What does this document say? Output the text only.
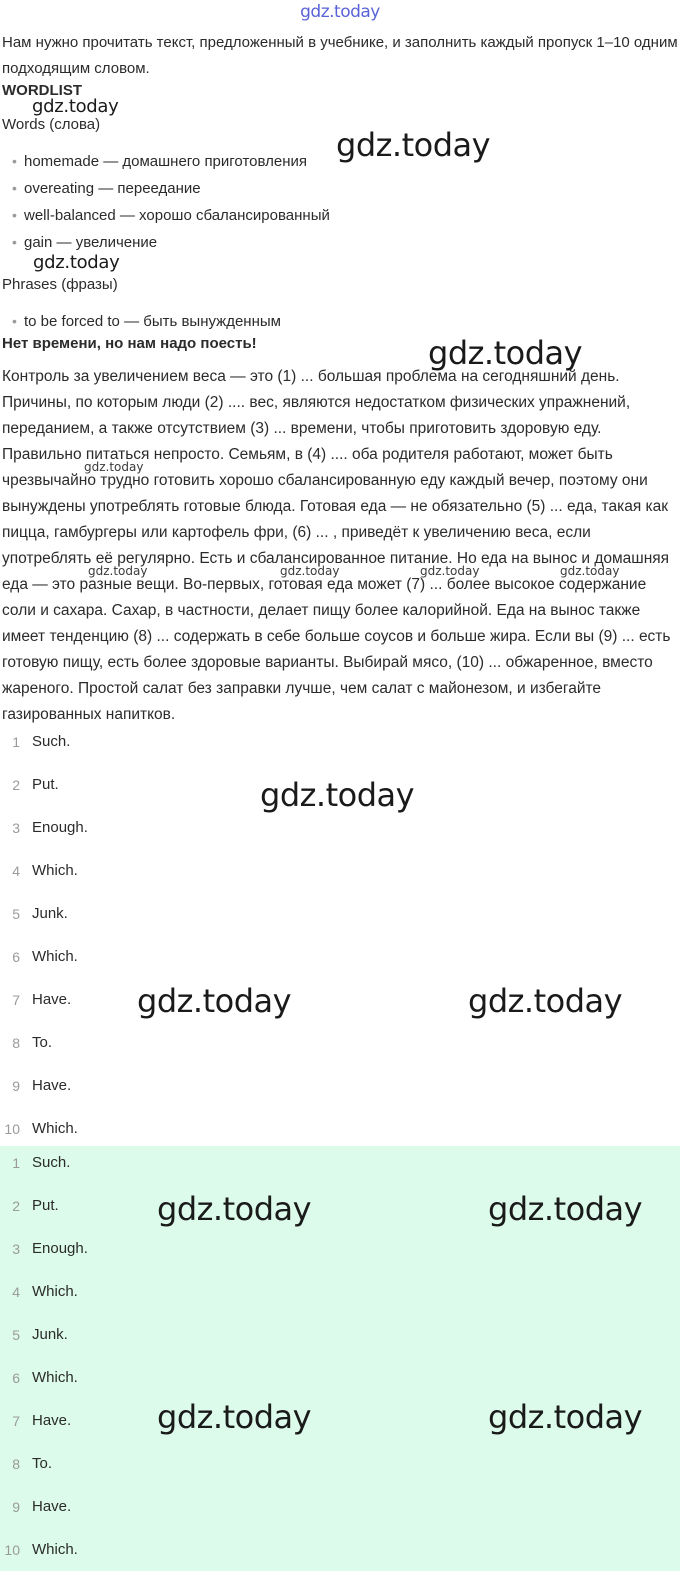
gdz.today
Нам нужно прочитать текст, предложенный в учебнике, и заполнить каждый пропуск 1–10 одним подходящим словом.
WORDLIST
Words (слова)
• homemade — домашнего приготовления
• overeating — переедание
• well-balanced — хорошо сбалансированный
• gain — увеличение
Phrases (фразы)
• to be forced to — быть вынужденным
Нет времени, но нам надо поесть!
Контроль за увеличением веса — это (1) ... большая проблема на сегодняшний день. Причины, по которым люди (2) .... вес, являются недостатком физических упражнений, переданием, а также отсутствием (3) ... времени, чтобы приготовить здоровую еду. Правильно питаться непросто. Семьям, в (4) .... оба родителя работают, может быть чрезвычайно трудно готовить хорошо сбалансированную еду каждый вечер, поэтому они вынуждены употреблять готовые блюда. Готовая еда — не обязательно (5) ... еда, такая как пицца, гамбургеры или картофель фри, (6) ... , приведёт к увеличению веса, если употреблять её регулярно. Есть и сбалансированное питание. Но еда на вынос и домашняя еда — это разные вещи. Во-первых, готовая еда может (7) ... более высокое содержание соли и сахара. Сахар, в частности, делает пищу более калорийной. Еда на вынос также имеет тенденцию (8) ... содержать в себе больше соусов и больше жира. Если вы (9) ... есть готовую пищу, есть более здоровые варианты. Выбирай мясо, (10) ... обжаренное, вместо жареного. Простой салат без заправки лучше, чем салат с майонезом, и избегайте газированных напитков.
1 Such.
2 Put.
3 Enough.
4 Which.
5 Junk.
6 Which.
7 Have.
8 To.
9 Have.
10 Which.
1 Such.
2 Put.
3 Enough.
4 Which.
5 Junk.
6 Which.
7 Have.
8 To.
9 Have.
10 Which.
gdz.today
gdz.today
gdz.today
gdz.today
gdz.today
gdz.today	gdz.today	gdz.today	gdz.today
gdz.today
gdz.today	gdz.today
gdz.today	gdz.today
gdz.today	gdz.today
